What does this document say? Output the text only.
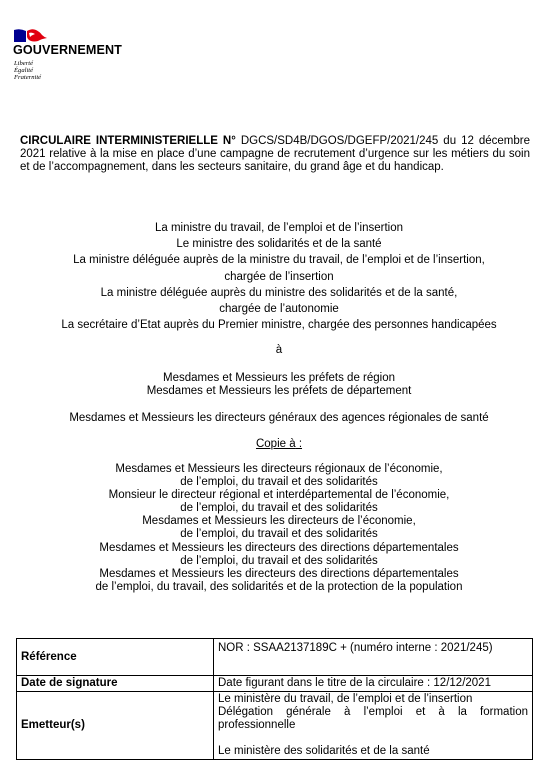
GOUVERNEMENT
Liberté
Égalité
Fraternité
CIRCULAIRE INTERMINISTERIELLE N° DGCS/SD4B/DGOS/DGEFP/2021/245 du 12 décembre 2021 relative à la mise en place d’une campagne de recrutement d’urgence sur les métiers du soin et de l’accompagnement, dans les secteurs sanitaire, du grand âge et du handicap.
La ministre du travail, de l’emploi et de l’insertion
Le ministre des solidarités et de la santé
La ministre déléguée auprès de la ministre du travail, de l’emploi et de l’insertion,
chargée de l’insertion
La ministre déléguée auprès du ministre des solidarités et de la santé,
chargée de l’autonomie
La secrétaire d’Etat auprès du Premier ministre, chargée des personnes handicapées
à
Mesdames et Messieurs les préfets de région
Mesdames et Messieurs les préfets de département
Mesdames et Messieurs les directeurs généraux des agences régionales de santé
Copie à :
Mesdames et Messieurs les directeurs régionaux de l’économie,
de l’emploi, du travail et des solidarités
Monsieur le directeur régional et interdépartemental de l’économie,
de l’emploi, du travail et des solidarités
Mesdames et Messieurs les directeurs de l’économie,
de l’emploi, du travail et des solidarités
Mesdames et Messieurs les directeurs des directions départementales
de l’emploi, du travail et des solidarités
Mesdames et Messieurs les directeurs des directions départementales
de l’emploi, du travail, des solidarités et de la protection de la population
Référence	NOR : SSAA2137189C + (numéro interne : 2021/245)
Date de signature	Date figurant dans le titre de la circulaire : 12/12/2021
Emetteur(s)	Le ministère du travail, de l’emploi et de l’insertion
Délégation générale à l’emploi et à la formation professionnelle

Le ministère des solidarités et de la santé
